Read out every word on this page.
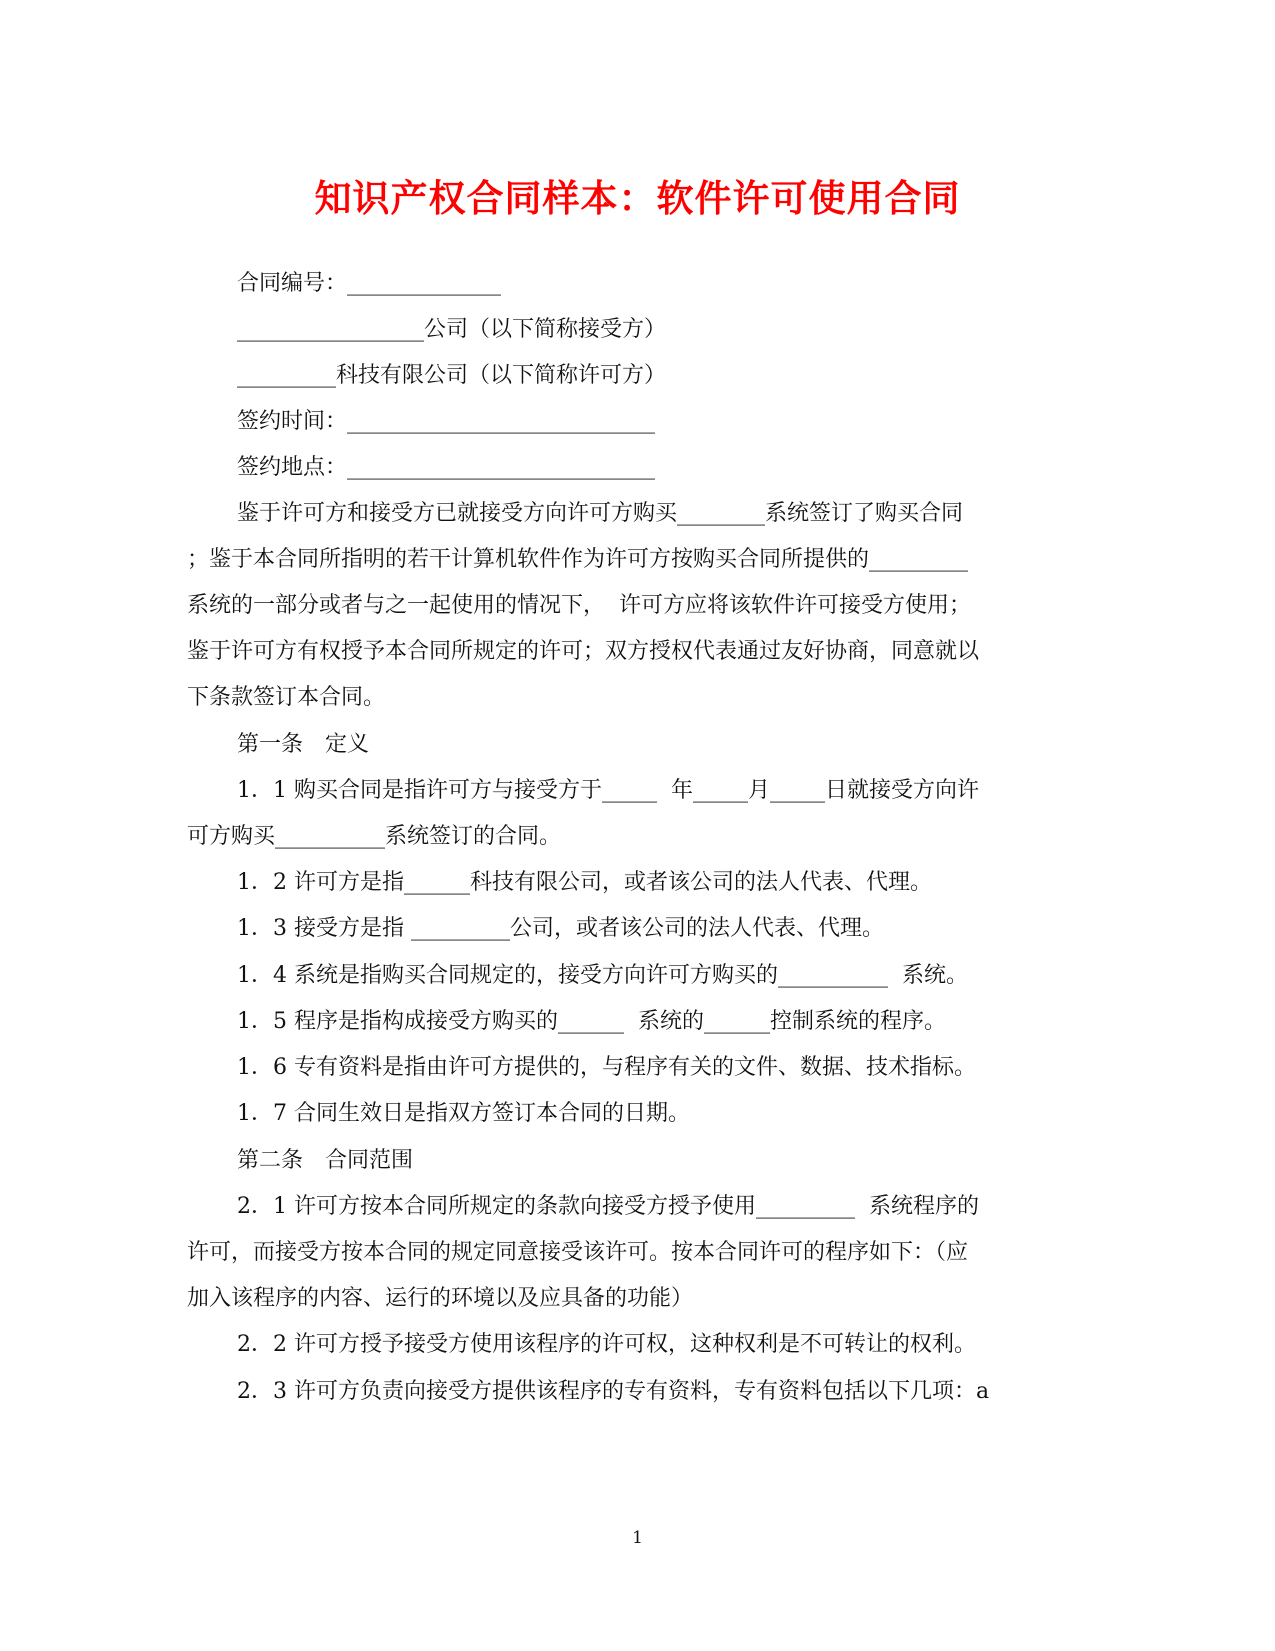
知识产权合同样本：软件许可使用合同
合同编号：______________
_________________公司（以下简称接受方）
_________科技有限公司（以下简称许可方）
签约时间：____________________________
签约地点：____________________________
鉴于许可方和接受方已就接受方向许可方购买________系统签订了购买合同
；鉴于本合同所指明的若干计算机软件作为许可方按购买合同所提供的_________
系统的一部分或者与之一起使用的情况下，  许可方应将该软件许可接受方使用；
鉴于许可方有权授予本合同所规定的许可；双方授权代表通过友好协商，同意就以
下条款签订本合同。
第一条　定义
1．1 购买合同是指许可方与接受方于_____  年_____月_____日就接受方向许
可方购买__________系统签订的合同。
1．2 许可方是指______科技有限公司，或者该公司的法人代表、代理。
1．3 接受方是指 _________公司，或者该公司的法人代表、代理。
1．4 系统是指购买合同规定的，接受方向许可方购买的__________  系统。
1．5 程序是指构成接受方购买的______  系统的______控制系统的程序。
1．6 专有资料是指由许可方提供的，与程序有关的文件、数据、技术指标。
1．7 合同生效日是指双方签订本合同的日期。
第二条　合同范围
2．1 许可方按本合同所规定的条款向接受方授予使用_________  系统程序的
许可，而接受方按本合同的规定同意接受该许可。按本合同许可的程序如下：（应
加入该程序的内容、运行的环境以及应具备的功能）
2．2 许可方授予接受方使用该程序的许可权，这种权利是不可转让的权利。
2．3 许可方负责向接受方提供该程序的专有资料，专有资料包括以下几项：a
1
